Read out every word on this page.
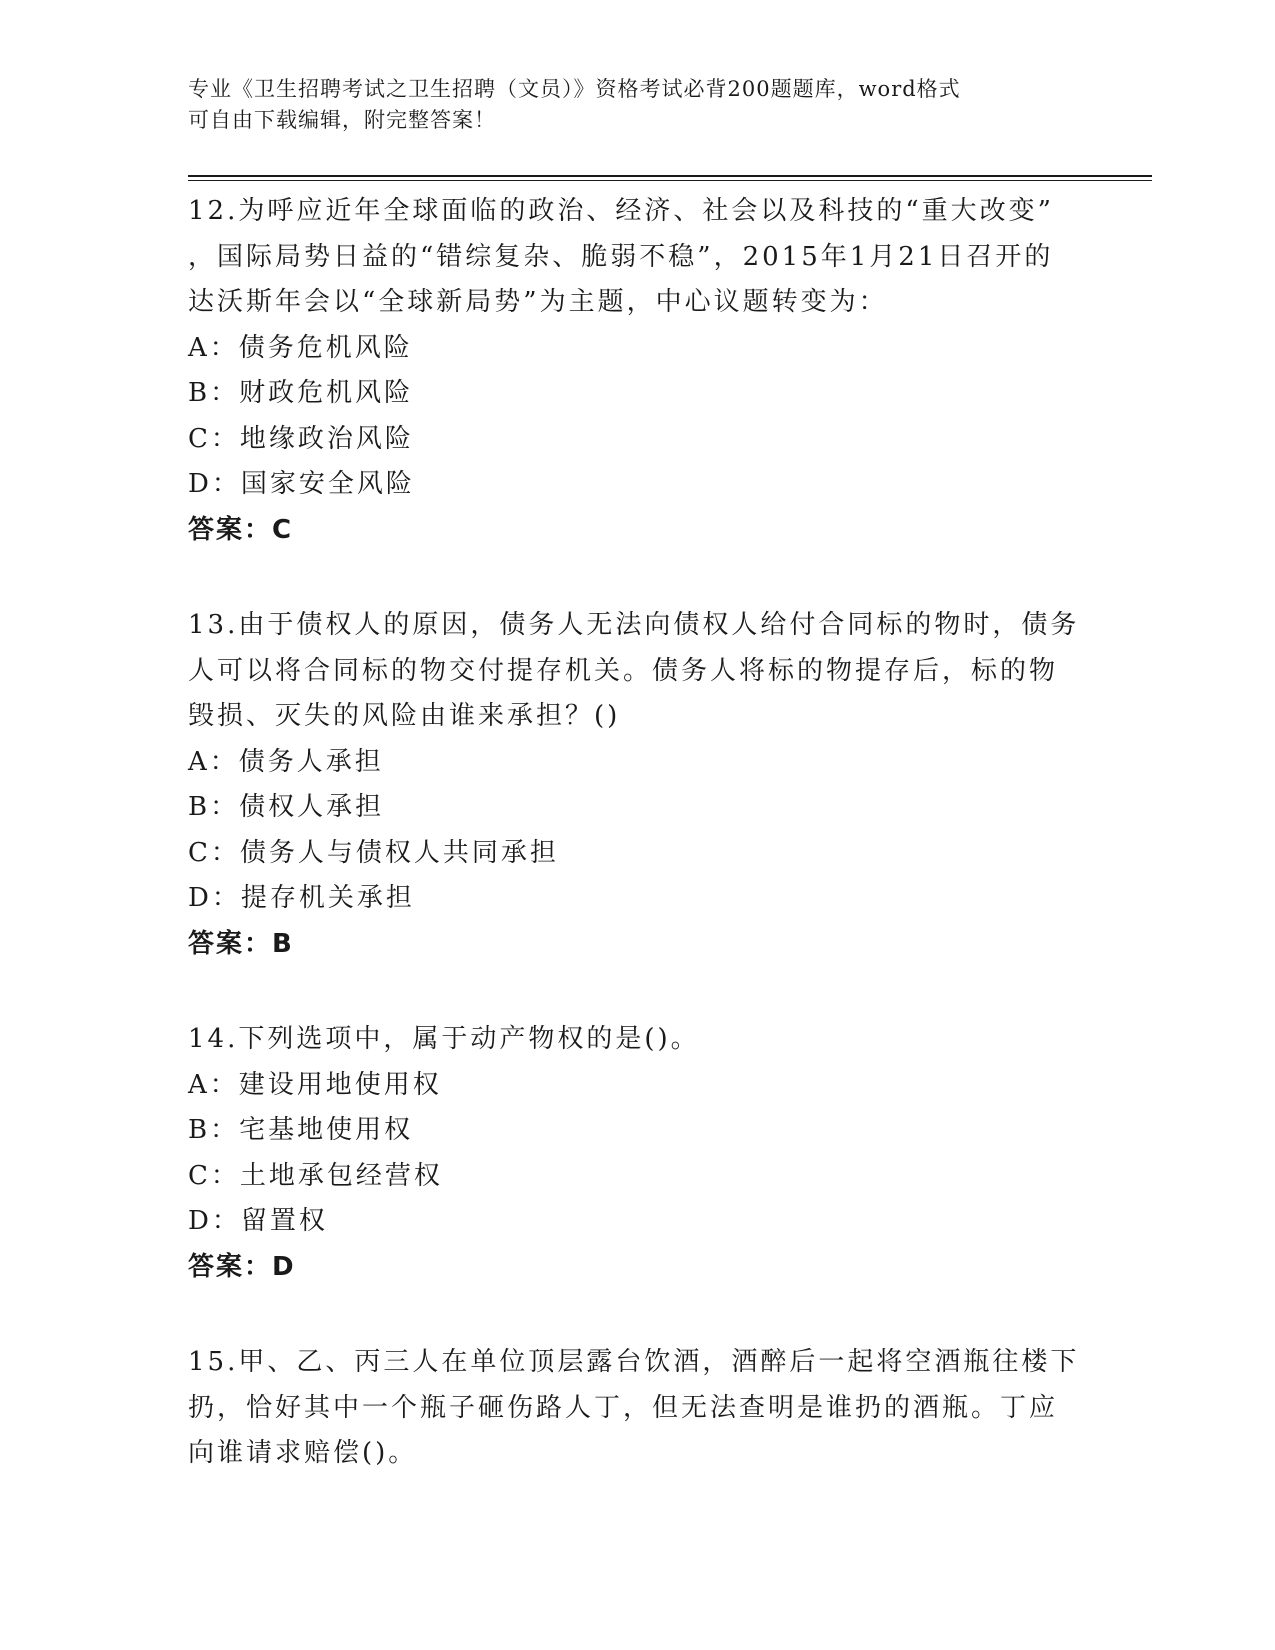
专业《卫生招聘考试之卫生招聘（文员）》资格考试必背200题题库，word格式
可自由下载编辑，附完整答案！
12.为呼应近年全球面临的政治、经济、社会以及科技的“重大改变”
，国际局势日益的“错综复杂、脆弱不稳”，2015年1月21日召开的
达沃斯年会以“全球新局势”为主题，中心议题转变为：
A：债务危机风险
B：财政危机风险
C：地缘政治风险
D：国家安全风险
答案：C
13.由于债权人的原因，债务人无法向债权人给付合同标的物时，债务
人可以将合同标的物交付提存机关。债务人将标的物提存后，标的物
毁损、灭失的风险由谁来承担？()
A：债务人承担
B：债权人承担
C：债务人与债权人共同承担
D：提存机关承担
答案：B
14.下列选项中，属于动产物权的是()。
A：建设用地使用权
B：宅基地使用权
C：土地承包经营权
D：留置权
答案：D
15.甲、乙、丙三人在单位顶层露台饮酒，酒醉后一起将空酒瓶往楼下
扔，恰好其中一个瓶子砸伤路人丁，但无法查明是谁扔的酒瓶。丁应
向谁请求赔偿()。
